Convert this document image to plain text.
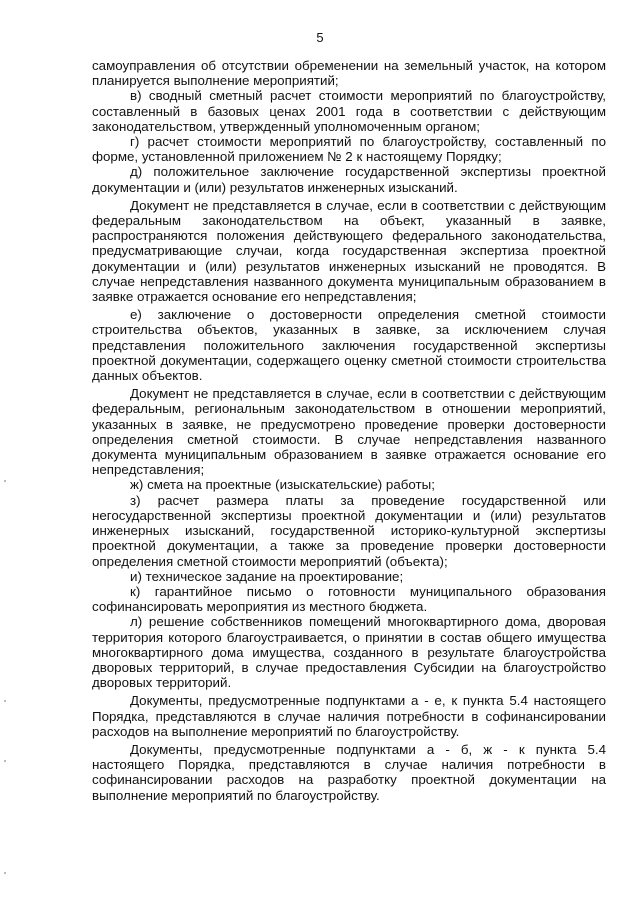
5

самоуправления об отсутствии обременении на земельный участок, на котором планируется выполнение мероприятий;

в) сводный сметный расчет стоимости мероприятий по благоустройству, составленный в базовых ценах 2001 года в соответствии с действующим законодательством, утвержденный уполномоченным органом;

г) расчет стоимости мероприятий по благоустройству, составленный по форме, установленной приложением № 2 к настоящему Порядку;

д) положительное заключение государственной экспертизы проектной документации и (или) результатов инженерных изысканий.

Документ не представляется в случае, если в соответствии с действующим федеральным законодательством на объект, указанный в заявке, распространяются положения действующего федерального законодательства, предусматривающие случаи, когда государственная экспертиза проектной документации и (или) результатов инженерных изысканий не проводятся. В случае непредставления названного документа муниципальным образованием в заявке отражается основание его непредставления;

е) заключение о достоверности определения сметной стоимости строительства объектов, указанных в заявке, за исключением случая представления положительного заключения государственной экспертизы проектной документации, содержащего оценку сметной стоимости строительства данных объектов.

Документ не представляется в случае, если в соответствии с действующим федеральным, региональным законодательством в отношении мероприятий, указанных в заявке, не предусмотрено проведение проверки достоверности определения сметной стоимости. В случае непредставления названного документа муниципальным образованием в заявке отражается основание его непредставления;

ж) смета на проектные (изыскательские) работы;

з) расчет размера платы за проведение государственной или негосударственной экспертизы проектной документации и (или) результатов инженерных изысканий, государственной историко-культурной экспертизы проектной документации, а также за проведение проверки достоверности определения сметной стоимости мероприятий (объекта);

и) техническое задание на проектирование;

к) гарантийное письмо о готовности муниципального образования софинансировать мероприятия из местного бюджета.

л) решение собственников помещений многоквартирного дома, дворовая территория которого благоустраивается, о принятии в состав общего имущества многоквартирного дома имущества, созданного в результате благоустройства дворовых территорий, в случае предоставления Субсидии на благоустройство дворовых территорий.

Документы, предусмотренные подпунктами а - е, к пункта 5.4 настоящего Порядка, представляются в случае наличия потребности в софинансировании расходов на выполнение мероприятий по благоустройству.

Документы, предусмотренные подпунктами а - б, ж - к пункта 5.4 настоящего Порядка, представляются в случае наличия потребности в софинансировании расходов на разработку проектной документации на выполнение мероприятий по благоустройству.
